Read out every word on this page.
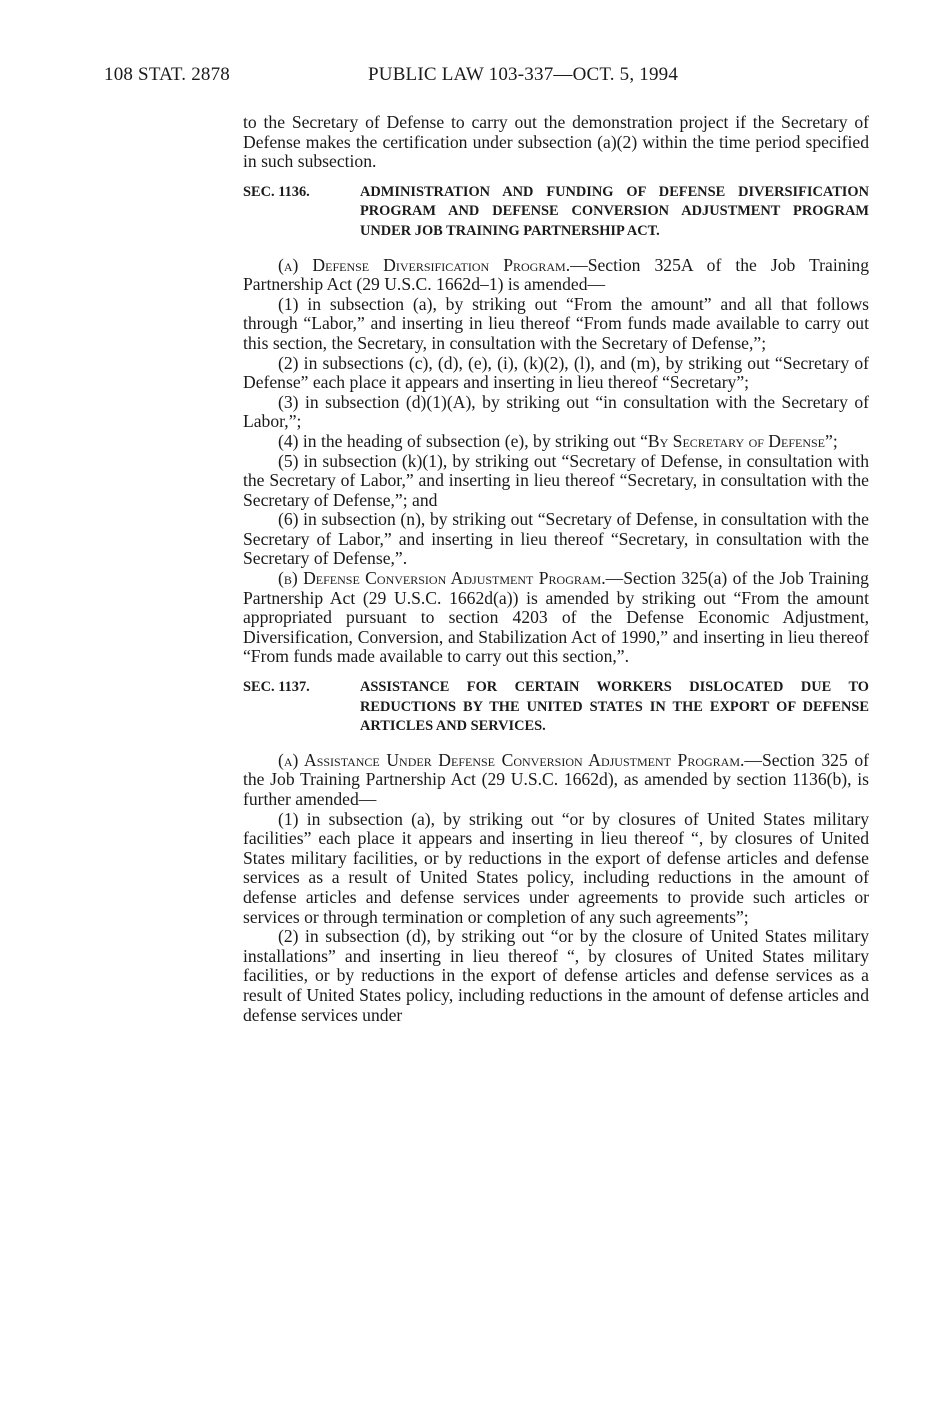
108 STAT. 2878	PUBLIC LAW 103-337—OCT. 5, 1994

to the Secretary of Defense to carry out the demonstration project if the Secretary of Defense makes the certification under subsection (a)(2) within the time period specified in such subsection.

SEC. 1136.	ADMINISTRATION AND FUNDING OF DEFENSE DIVERSIFICATION PROGRAM AND DEFENSE CONVERSION ADJUSTMENT PROGRAM UNDER JOB TRAINING PARTNERSHIP ACT.

(a) Defense Diversification Program.—Section 325A of the Job Training Partnership Act (29 U.S.C. 1662d–1) is amended—

(1) in subsection (a), by striking out “From the amount” and all that follows through “Labor,” and inserting in lieu thereof “From funds made available to carry out this section, the Secretary, in consultation with the Secretary of Defense,”;

(2) in subsections (c), (d), (e), (i), (k)(2), (l), and (m), by striking out “Secretary of Defense” each place it appears and inserting in lieu thereof “Secretary”;

(3) in subsection (d)(1)(A), by striking out “in consultation with the Secretary of Labor,”;

(4) in the heading of subsection (e), by striking out “By Secretary of Defense”;

(5) in subsection (k)(1), by striking out “Secretary of Defense, in consultation with the Secretary of Labor,” and inserting in lieu thereof “Secretary, in consultation with the Secretary of Defense,”; and

(6) in subsection (n), by striking out “Secretary of Defense, in consultation with the Secretary of Labor,” and inserting in lieu thereof “Secretary, in consultation with the Secretary of Defense,”.

(b) Defense Conversion Adjustment Program.—Section 325(a) of the Job Training Partnership Act (29 U.S.C. 1662d(a)) is amended by striking out “From the amount appropriated pursuant to section 4203 of the Defense Economic Adjustment, Diversification, Conversion, and Stabilization Act of 1990,” and inserting in lieu thereof “From funds made available to carry out this section,”.

SEC. 1137.	ASSISTANCE FOR CERTAIN WORKERS DISLOCATED DUE TO REDUCTIONS BY THE UNITED STATES IN THE EXPORT OF DEFENSE ARTICLES AND SERVICES.

(a) Assistance Under Defense Conversion Adjustment Program.—Section 325 of the Job Training Partnership Act (29 U.S.C. 1662d), as amended by section 1136(b), is further amended—

(1) in subsection (a), by striking out “or by closures of United States military facilities” each place it appears and inserting in lieu thereof “, by closures of United States military facilities, or by reductions in the export of defense articles and defense services as a result of United States policy, including reductions in the amount of defense articles and defense services under agreements to provide such articles or services or through termination or completion of any such agreements”;

(2) in subsection (d), by striking out “or by the closure of United States military installations” and inserting in lieu thereof “, by closures of United States military facilities, or by reductions in the export of defense articles and defense services as a result of United States policy, including reductions in the amount of defense articles and defense services under
